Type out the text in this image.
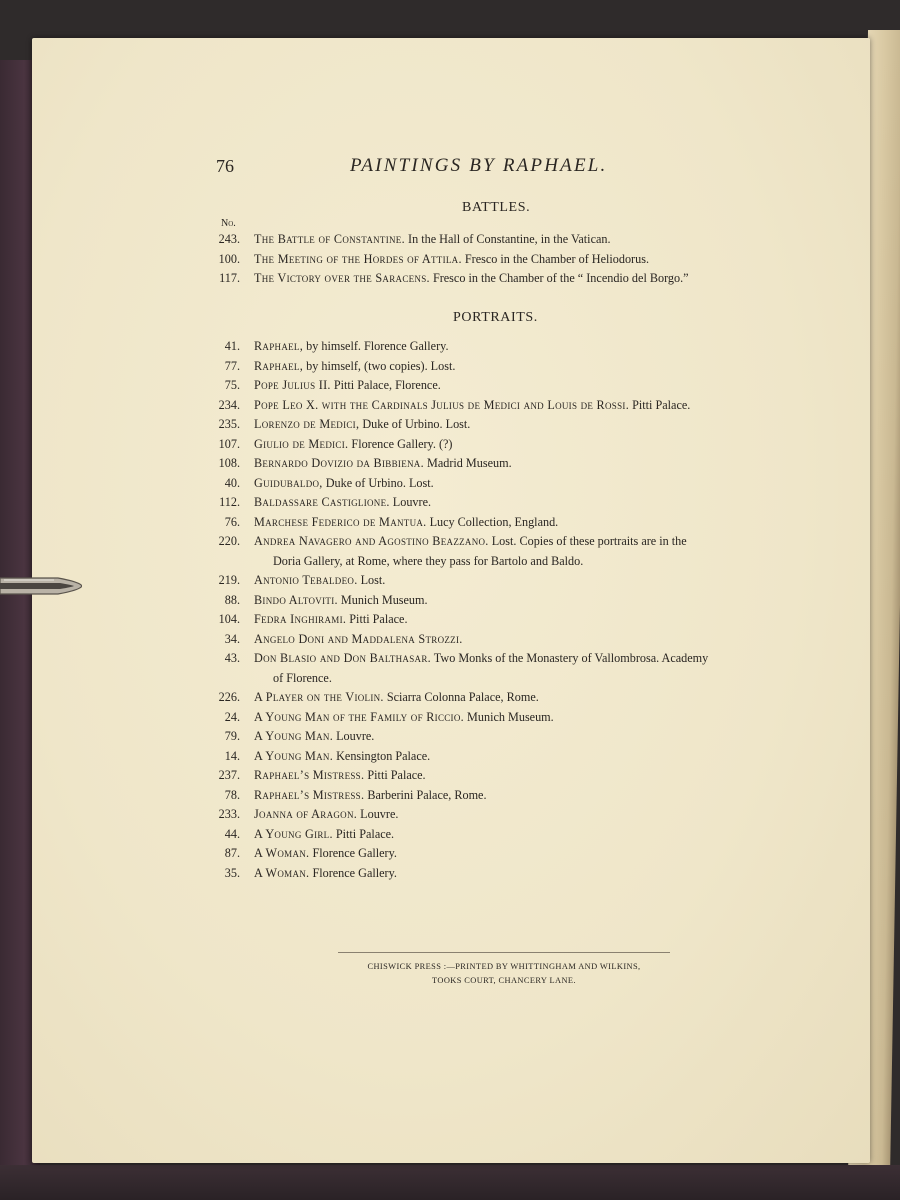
76	PAINTINGS BY RAPHAEL.
BATTLES.
No.
PORTRAITS.
243. The Battle of Constantine. In the Hall of Constantine, in the Vatican.
100. The Meeting of the Hordes of Attila. Fresco in the Chamber of Heliodorus.
117. The Victory over the Saracens. Fresco in the Chamber of the “ Incendio del Borgo.”
41. Raphael, by himself. Florence Gallery.
77. Raphael, by himself, (two copies). Lost.
75. Pope Julius II. Pitti Palace, Florence.
234. Pope Leo X. with the Cardinals Julius de Medici and Louis de Rossi. Pitti Palace.
235. Lorenzo de Medici, Duke of Urbino. Lost.
107. Giulio de Medici. Florence Gallery. (?)
108. Bernardo Dovizio da Bibbiena. Madrid Museum.
40. Guidubaldo, Duke of Urbino. Lost.
112. Baldassare Castiglione. Louvre.
76. Marchese Federico de Mantua. Lucy Collection, England.
220. Andrea Navagero and Agostino Beazzano. Lost. Copies of these portraits are in the
Doria Gallery, at Rome, where they pass for Bartolo and Baldo.
219. Antonio Tebaldeo. Lost.
88. Bindo Altoviti. Munich Museum.
104. Fedra Inghirami. Pitti Palace.
34. Angelo Doni and Maddalena Strozzi.
43. Don Blasio and Don Balthasar. Two Monks of the Monastery of Vallombrosa. Academy
of Florence.
226. A Player on the Violin. Sciarra Colonna Palace, Rome.
24. A Young Man of the Family of Riccio. Munich Museum.
79. A Young Man. Louvre.
14. A Young Man. Kensington Palace.
237. Raphael’s Mistress. Pitti Palace.
78. Raphael’s Mistress. Barberini Palace, Rome.
233. Joanna of Aragon. Louvre.
44. A Young Girl. Pitti Palace.
87. A Woman. Florence Gallery.
35. A Woman. Florence Gallery.
CHISWICK PRESS :—PRINTED BY WHITTINGHAM AND WILKINS,
TOOKS COURT, CHANCERY LANE.
